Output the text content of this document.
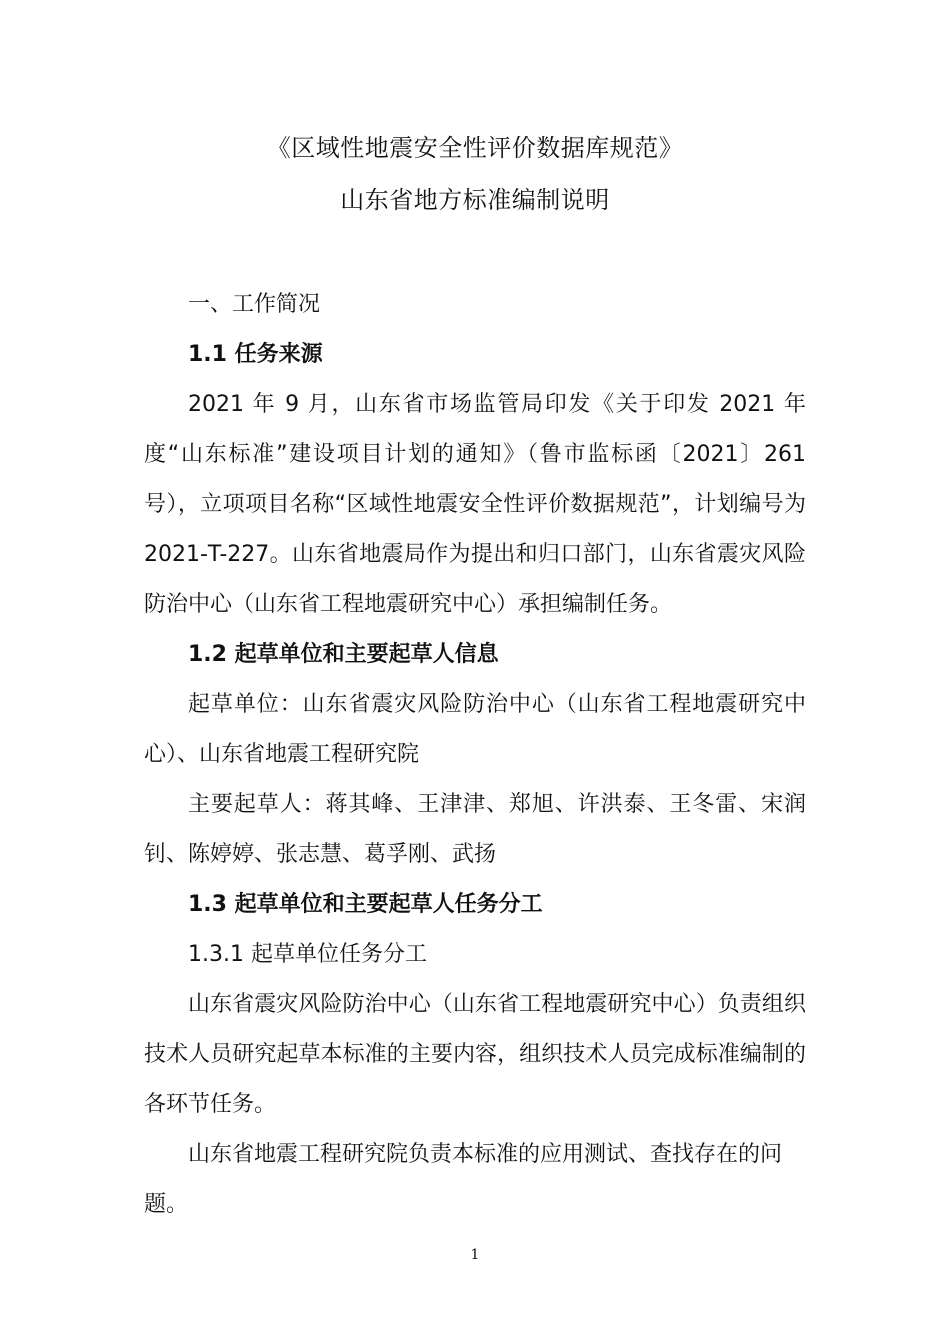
《区域性地震安全性评价数据库规范》
山东省地方标准编制说明

一、工作简况

1.1 任务来源

2021 年 9 月，山东省市场监管局印发《关于印发 2021 年度“山东标准”建设项目计划的通知》（鲁市监标函〔2021〕261 号），立项项目名称“区域性地震安全性评价数据规范”，计划编号为 2021-T-227。山东省地震局作为提出和归口部门，山东省震灾风险防治中心（山东省工程地震研究中心）承担编制任务。

1.2 起草单位和主要起草人信息

起草单位：山东省震灾风险防治中心（山东省工程地震研究中心）、山东省地震工程研究院

主要起草人：蒋其峰、王津津、郑旭、许洪泰、王冬雷、宋润钊、陈婷婷、张志慧、葛孚刚、武扬

1.3 起草单位和主要起草人任务分工

1.3.1 起草单位任务分工

山东省震灾风险防治中心（山东省工程地震研究中心）负责组织技术人员研究起草本标准的主要内容，组织技术人员完成标准编制的各环节任务。

山东省地震工程研究院负责本标准的应用测试、查找存在的问题。

1
